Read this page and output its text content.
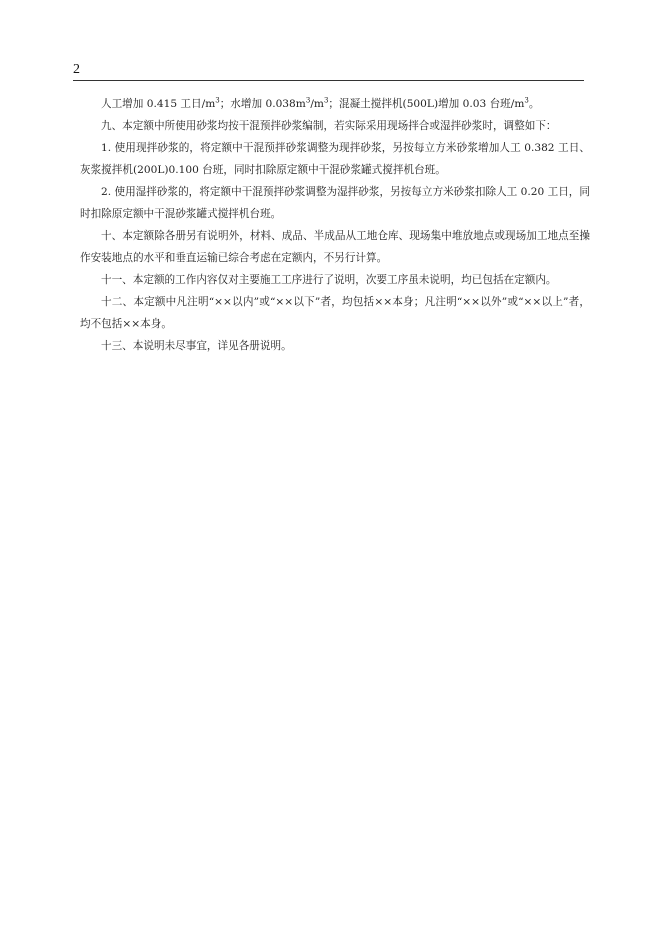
2

人工增加 0.415 工日$/m^3$；水增加 $0.038m^3/m^3$；混凝土搅拌机(500L)增加 0.03 台班$/m^3$。

九、本定额中所使用砂浆均按干混预拌砂浆编制，若实际采用现场拌合或湿拌砂浆时，调整如下：

1. 使用现拌砂浆的，将定额中干混预拌砂浆调整为现拌砂浆，另按每立方米砂浆增加人工 0.382 工日、灰浆搅拌机(200L)0.100 台班，同时扣除原定额中干混砂浆罐式搅拌机台班。

2. 使用湿拌砂浆的，将定额中干混预拌砂浆调整为湿拌砂浆，另按每立方米砂浆扣除人工 0.20 工日，同时扣除原定额中干混砂浆罐式搅拌机台班。

十、本定额除各册另有说明外，材料、成品、半成品从工地仓库、现场集中堆放地点或现场加工地点至操作安装地点的水平和垂直运输已综合考虑在定额内，不另行计算。

十一、本定额的工作内容仅对主要施工工序进行了说明，次要工序虽未说明，均已包括在定额内。

十二、本定额中凡注明“××以内”或“××以下”者，均包括××本身；凡注明“××以外”或“××以上”者，均不包括××本身。

十三、本说明未尽事宜，详见各册说明。
